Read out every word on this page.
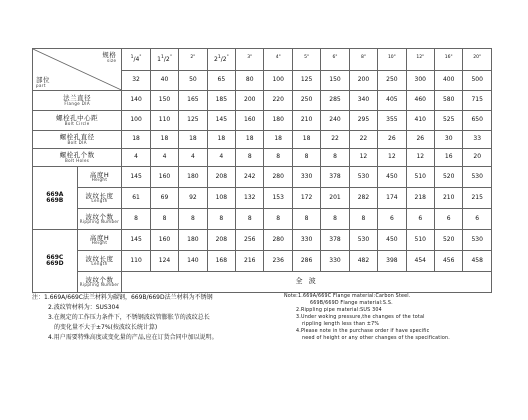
规格
size
部位
part		$^1$/4"	$1^1/2^"$	$^{2"}$	$2^1/2^"$	$^{3"}$	$^{4"}$	$^{5"}$	$^{6"}$	$^{8"}$	$^{10"}$	$^{12"}$	$^{16"}$	$^{20"}$
		32	40	50	65	80	100	125	150	200	250	300	400	500

法兰直径
Flange DIA		140	150	165	185	200	220	250	285	340	405	460	580	715

螺栓孔中心距
Bolt Circle		100	110	125	145	160	180	210	240	295	355	410	525	650

螺栓孔直径
Bolt DIA		18	18	18	18	18	18	18	22	22	26	26	30	33

螺栓孔个数
Bolt Holes		4	4	4	4	8	8	8	8	12	12	12	16	20
669A
669B	高度H
Height	145	160	180	208	242	280	330	378	530	450	510	520	530

	波纹长度
Length	61	69	92	108	132	153	172	201	282	174	218	210	215

	波纹个数
Rippling Number	8	8	8	8	8	8	8	8	8	6	6	6	6
669C
669D	高度H
Height	145	160	180	208	256	280	330	378	530	450	510	520	530

	波纹长度
Length	110	124	140	168	216	236	286	330	482	398	454	456	458

	波纹个数
Rippling Number	全 波												
注：1.669A/669C法兰材料为碳钢，669B/669D法兰材料为不锈钢
2.波纹管材料为：SUS304
3.在规定的工作压力条件下，不锈钢波纹管膨胀节的波纹总长
的变化量不大于±7%(按波纹长统计算)
4.用户需要特殊高度或变化量的产品,应在订货合同中加以说明。
Note:1.669A/669C Flange material:Carbon Steel.
669B/669D Flange material:S.S.
2.Rippling pipe material:SUS 304
3.Under woking pressure,the changes of the total
rippling length less than ±7%
4.Please note in the purchase order if have specific
need of height or any other changes of the specification.
